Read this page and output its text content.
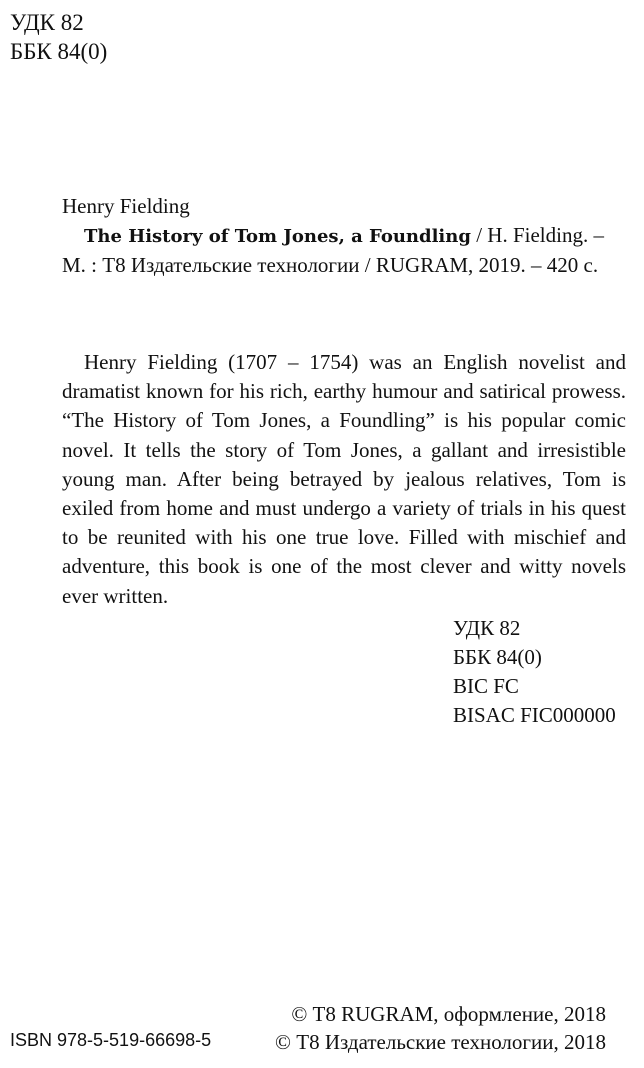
УДК 82
ББК 84(0)
Henry Fielding
The History of Tom Jones, a Foundling / H. Fielding. –
М. : Т8 Издательские технологии / RUGRAM, 2019. – 420 с.

Henry Fielding (1707 – 1754) was an English novelist and dramatist known for his rich, earthy humour and satirical prowess. “The History of Tom Jones, a Foundling” is his popular comic novel. It tells the story of Tom Jones, a gallant and irresistible young man. After being betrayed by jealous relatives, Tom is exiled from home and must undergo a variety of trials in his quest to be reunited with his one true love. Filled with mischief and adventure, this book is one of the most clever and witty novels ever written.

УДК 82
ББК 84(0)
BIC FC
BISAC FIC000000
ISBN 978-5-519-66698-5
© Т8 RUGRAM, оформление, 2018
© Т8 Издательские технологии, 2018
